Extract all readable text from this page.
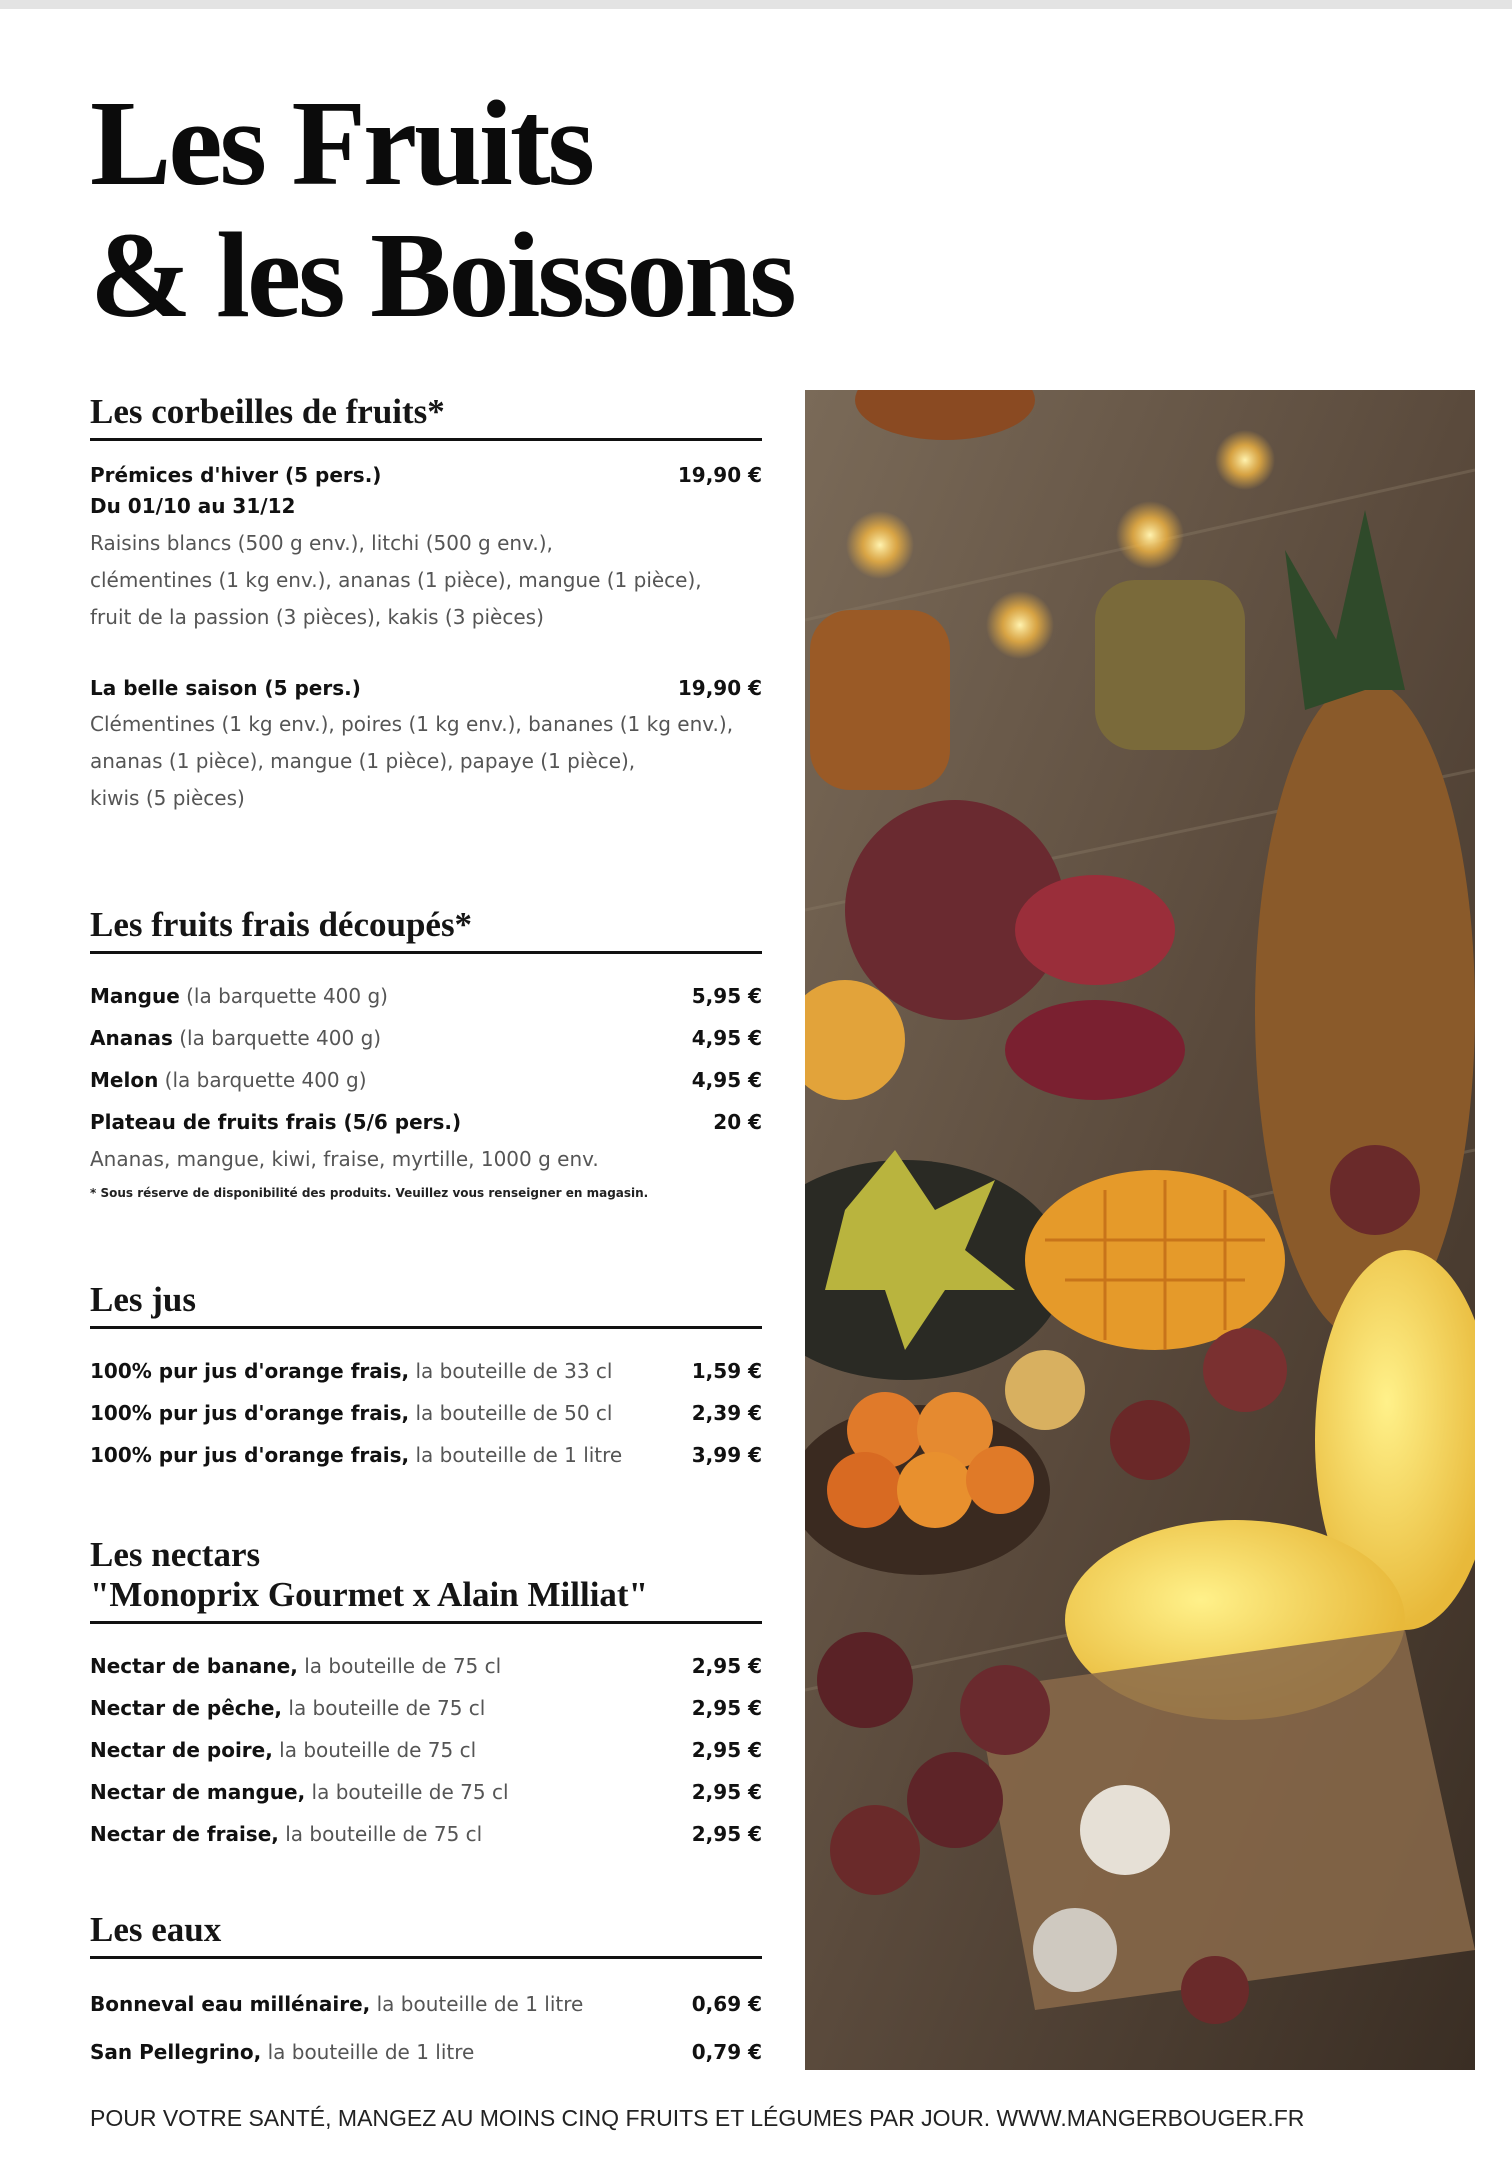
Les Fruits
& les Boissons
Les corbeilles de fruits*
Prémices d'hiver (5 pers.)	19,90 €
Du 01/10 au 31/12
Raisins blancs (500 g env.), litchi (500 g env.),
clémentines (1 kg env.), ananas (1 pièce), mangue (1 pièce),
fruit de la passion (3 pièces), kakis (3 pièces)
La belle saison (5 pers.)	19,90 €
Clémentines (1 kg env.), poires (1 kg env.), bananes (1 kg env.),
ananas (1 pièce), mangue (1 pièce), papaye (1 pièce),
kiwis (5 pièces)
Les fruits frais découpés*
Mangue (la barquette 400 g)	5,95 €
Ananas (la barquette 400 g)	4,95 €
Melon (la barquette 400 g)	4,95 €
Plateau de fruits frais (5/6 pers.)	20 €
Ananas, mangue, kiwi, fraise, myrtille, 1000 g env.
* Sous réserve de disponibilité des produits. Veuillez vous renseigner en magasin.
Les jus
100% pur jus d'orange frais, la bouteille de 33 cl	1,59 €
100% pur jus d'orange frais, la bouteille de 50 cl	2,39 €
100% pur jus d'orange frais, la bouteille de 1 litre	3,99 €
Les nectars
"Monoprix Gourmet x Alain Milliat"
Nectar de banane, la bouteille de 75 cl	2,95 €
Nectar de pêche, la bouteille de 75 cl	2,95 €
Nectar de poire, la bouteille de 75 cl	2,95 €
Nectar de mangue, la bouteille de 75 cl	2,95 €
Nectar de fraise, la bouteille de 75 cl	2,95 €
Les eaux
Bonneval eau millénaire, la bouteille de 1 litre	0,69 €
San Pellegrino, la bouteille de 1 litre	0,79 €
POUR VOTRE SANTÉ, MANGEZ AU MOINS CINQ FRUITS ET LÉGUMES PAR JOUR. WWW.MANGERBOUGER.FR
